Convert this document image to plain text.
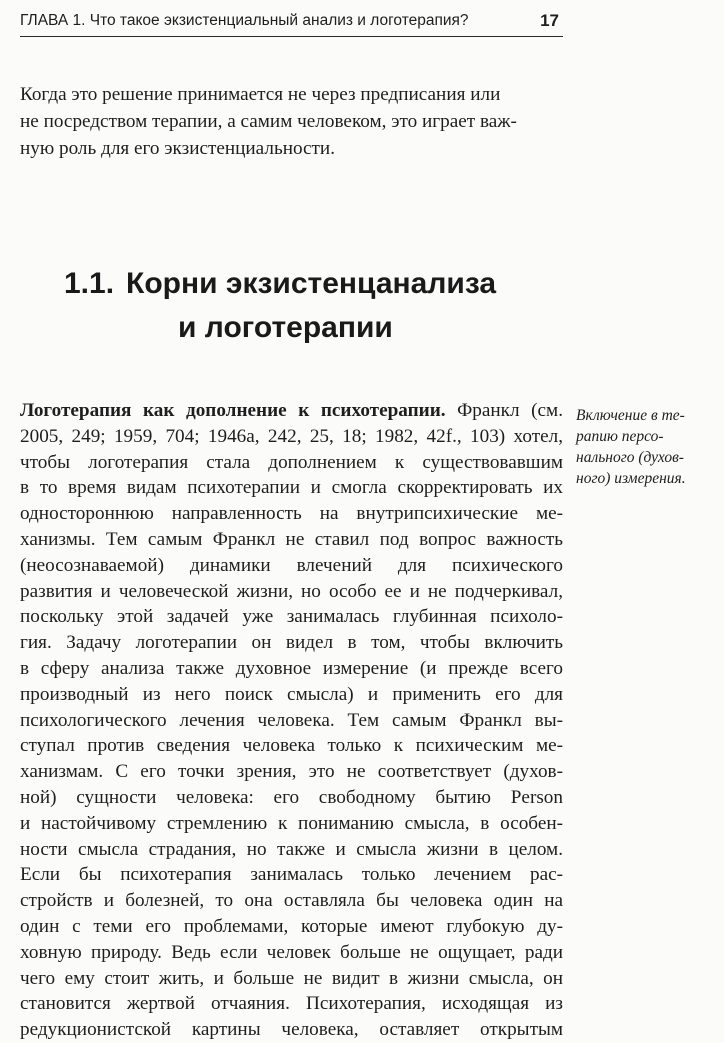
ГЛАВА 1. Что такое экзистенциальный анализ и логотерапия?	17
Когда это решение принимается не через предписания или
не посредством терапии, а самим человеком, это играет важ-
ную роль для его экзистенциальности.
1.1. Корни экзистенцанализа
и логотерапии
Логотерапия как дополнение к психотерапии. Франкл (см.
2005, 249; 1959, 704; 1946a, 242, 25, 18; 1982, 42f., 103) хотел,
чтобы логотерапия стала дополнением к существовавшим
в то время видам психотерапии и смогла скорректировать их
одностороннюю направленность на внутрипсихические ме-
ханизмы. Тем самым Франкл не ставил под вопрос важность
(неосознаваемой) динамики влечений для психического
развития и человеческой жизни, но особо ее и не подчеркивал,
поскольку этой задачей уже занималась глубинная психоло-
гия. Задачу логотерапии он видел в том, чтобы включить
в сферу анализа также духовное измерение (и прежде всего
производный из него поиск смысла) и применить его для
психологического лечения человека. Тем самым Франкл вы-
ступал против сведения человека только к психическим ме-
ханизмам. С его точки зрения, это не соответствует (духов-
ной) сущности человека: его свободному бытию Person
и настойчивому стремлению к пониманию смысла, в особен-
ности смысла страдания, но также и смысла жизни в целом.
Если бы психотерапия занималась только лечением рас-
стройств и болезней, то она оставляла бы человека один на
один с теми его проблемами, которые имеют глубокую ду-
ховную природу. Ведь если человек больше не ощущает, ради
чего ему стоит жить, и больше не видит в жизни смысла, он
становится жертвой отчаяния. Психотерапия, исходящая из
редукционистской картины человека, оставляет открытым
Включение в те-
рапию персо-
нального (духов-
ного) измерения.
